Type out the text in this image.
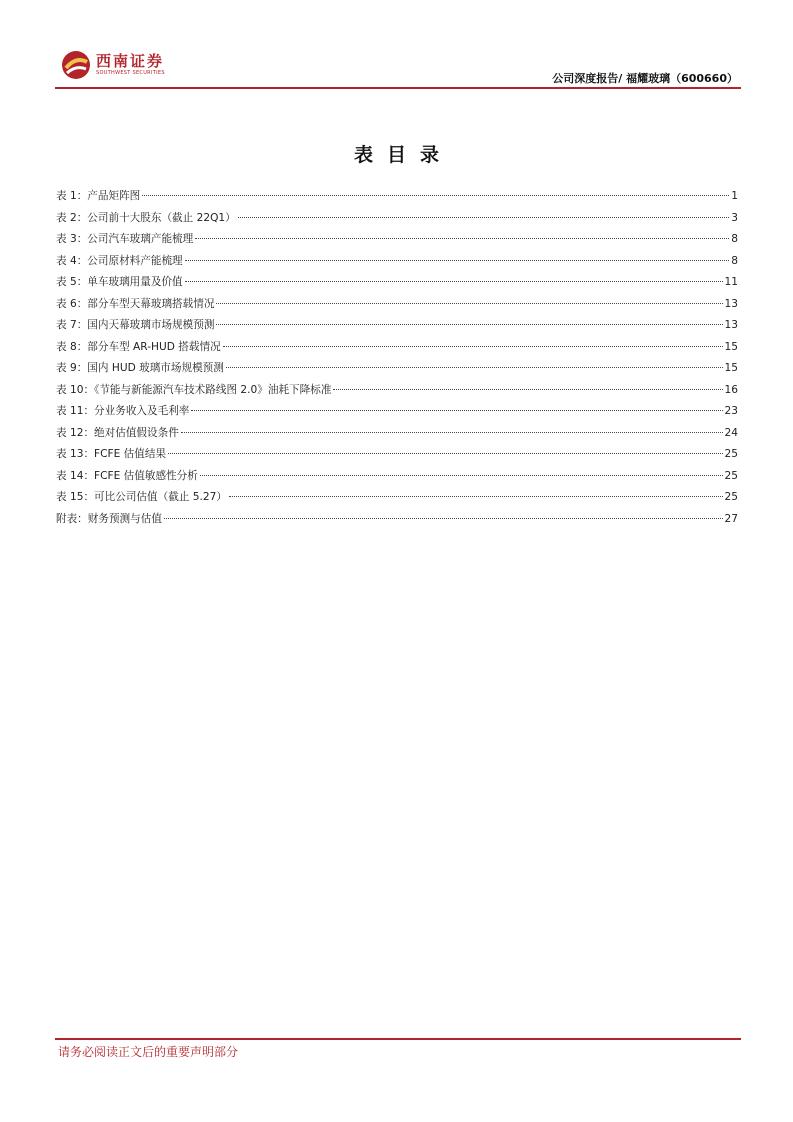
西南证券
SOUTHWEST SECURITIES	公司深度报告/ 福耀玻璃（600660）
表目录
表 1：产品矩阵图	1
表 2：公司前十大股东（截止 22Q1）	3
表 3：公司汽车玻璃产能梳理	8
表 4：公司原材料产能梳理	8
表 5：单车玻璃用量及价值	11
表 6：部分车型天幕玻璃搭载情况	13
表 7：国内天幕玻璃市场规模预测	13
表 8：部分车型 AR-HUD 搭载情况	15
表 9：国内 HUD 玻璃市场规模预测	15
表 10：《节能与新能源汽车技术路线图 2.0》油耗下降标准	16
表 11：分业务收入及毛利率	23
表 12：绝对估值假设条件	24
表 13：FCFE 估值结果	25
表 14：FCFE 估值敏感性分析	25
表 15：可比公司估值（截止 5.27）	25
附表：财务预测与估值	27
请务必阅读正文后的重要声明部分
